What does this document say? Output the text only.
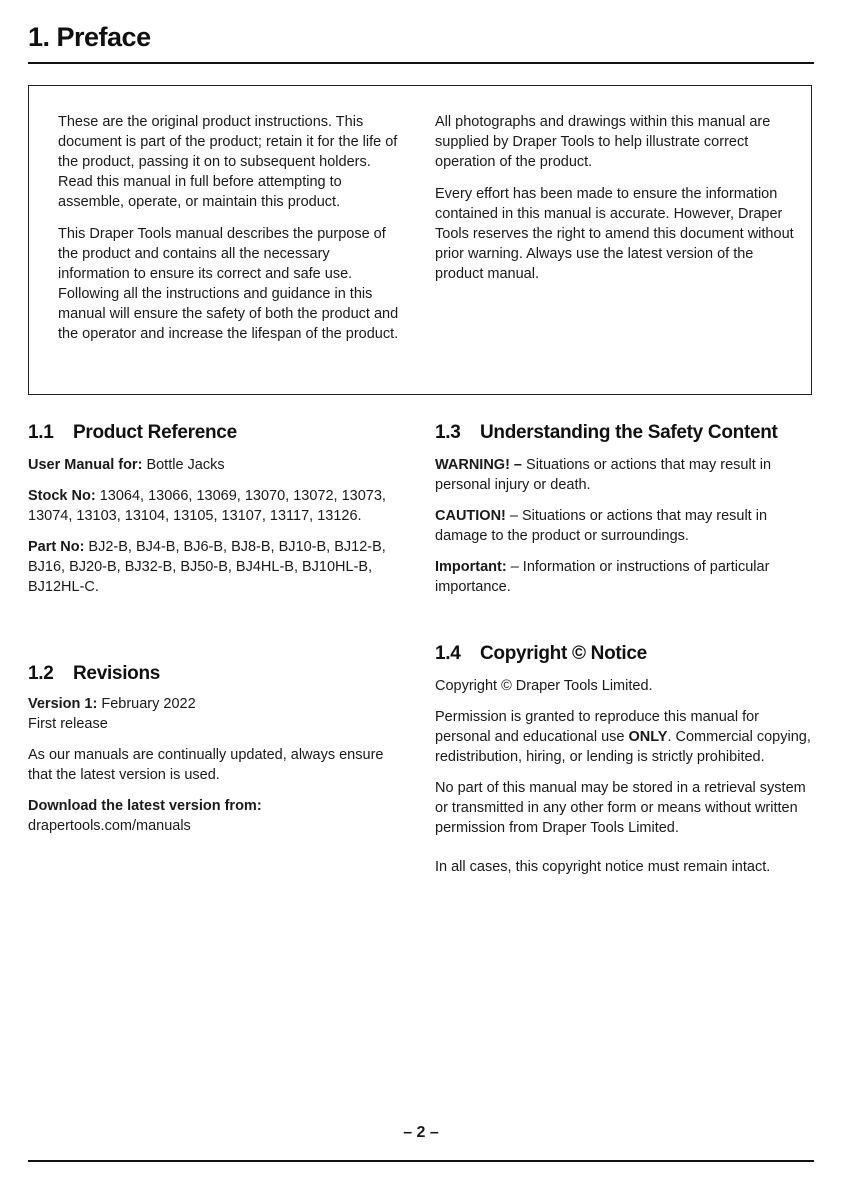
1. Preface

These are the original product instructions. This document is part of the product; retain it for the life of the product, passing it on to subsequent holders. Read this manual in full before attempting to assemble, operate, or maintain this product.

This Draper Tools manual describes the purpose of the product and contains all the necessary information to ensure its correct and safe use. Following all the instructions and guidance in this manual will ensure the safety of both the product and the operator and increase the lifespan of the product.

All photographs and drawings within this manual are supplied by Draper Tools to help illustrate correct operation of the product.

Every effort has been made to ensure the information contained in this manual is accurate. However, Draper Tools reserves the right to amend this document without prior warning. Always use the latest version of the product manual.

1.1	Product Reference

User Manual for: Bottle Jacks

Stock No: 13064, 13066, 13069, 13070, 13072, 13073, 13074, 13103, 13104, 13105, 13107, 13117, 13126.

Part No: BJ2-B, BJ4-B, BJ6-B, BJ8-B, BJ10-B, BJ12-B, BJ16, BJ20-B, BJ32-B, BJ50-B, BJ4HL-B, BJ10HL-B, BJ12HL-C.

1.2	Revisions

Version 1: February 2022

First release

As our manuals are continually updated, always ensure that the latest version is used.

Download the latest version from:

drapertools.com/manuals

1.3	Understanding the Safety Content

WARNING! – Situations or actions that may result in personal injury or death.

CAUTION! – Situations or actions that may result in damage to the product or surroundings.

Important: – Information or instructions of particular importance.

1.4	Copyright © Notice

Copyright © Draper Tools Limited.

Permission is granted to reproduce this manual for personal and educational use ONLY. Commercial copying, redistribution, hiring, or lending is strictly prohibited.

No part of this manual may be stored in a retrieval system or transmitted in any other form or means without written permission from Draper Tools Limited.

In all cases, this copyright notice must remain intact.

– 2 –
